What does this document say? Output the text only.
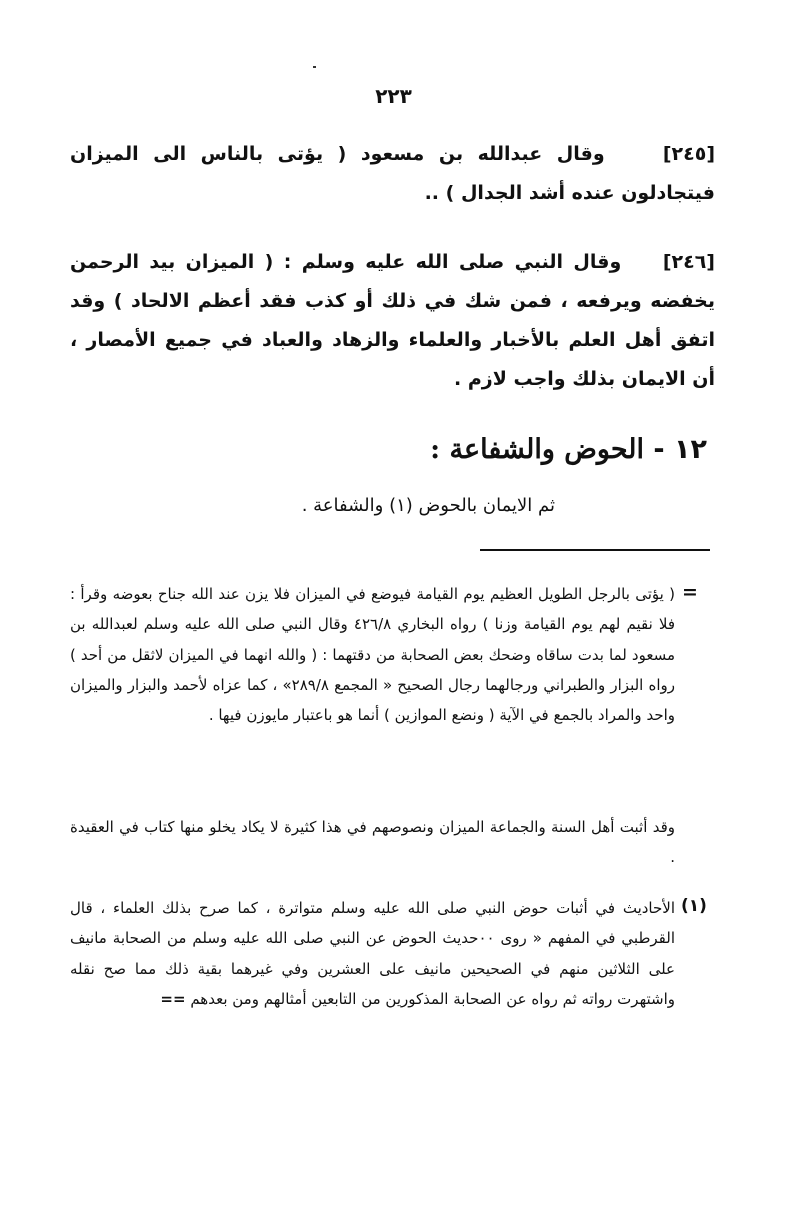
٢٢٣

[٢٤٥]    وقال عبدالله بن مسعود ( يؤتى بالناس الى الميزان فيتجادلون عنده أشد الجدال ) ..

[٢٤٦]    وقال النبي صلى الله عليه وسلم : ( الميزان بيد الرحمن يخفضه ويرفعه ، فمن شك في ذلك أو كذب فقد أعظم الالحاد ) وقد اتفق أهل العلم بالأخبار والعلماء والزهاد والعباد في جميع الأمصار ، أن الايمان بذلك واجب لازم .

١٢ - الحوض والشفاعة :
ثم الايمان بالحوض (١) والشفاعة .
=

( يؤتى بالرجل الطويل العظيم يوم القيامة فيوضع في الميزان فلا يزن عند الله جناح بعوضه وقرأ : فلا نقيم لهم يوم القيامة وزنا ) رواه البخاري ٤٢٦/٨ وقال النبي صلى الله عليه وسلم لعبدالله بن مسعود لما بدت ساقاه وضحك بعض الصحابة من دقتهما : ( والله انهما في الميزان لاثقل من أحد ) رواه البزار والطبراني ورجالهما رجال الصحيح « المجمع ٢٨٩/٨» ، كما عزاه لأحمد والبزار والميزان واحد والمراد بالجمع في الآية ( ونضع الموازين ) أنما هو باعتبار مايوزن فيها .

وقد أثبت أهل السنة والجماعة الميزان ونصوصهم في هذا كثيرة لا يكاد يخلو منها كتاب في العقيدة .

(١)

الأحاديث في أثبات حوض النبي صلى الله عليه وسلم متواترة ، كما صرح بذلك العلماء ، قال القرطبي في المفهم « روى ٠٠حديث الحوض عن النبي صلى الله عليه وسلم من الصحابة مانيف على الثلاثين منهم في الصحيحين مانيف على العشرين وفي غيرهما بقية ذلك مما صح نقله واشتهرت رواته ثم رواه عن الصحابة المذكورين من التابعين أمثالهم ومن بعدهم ==
